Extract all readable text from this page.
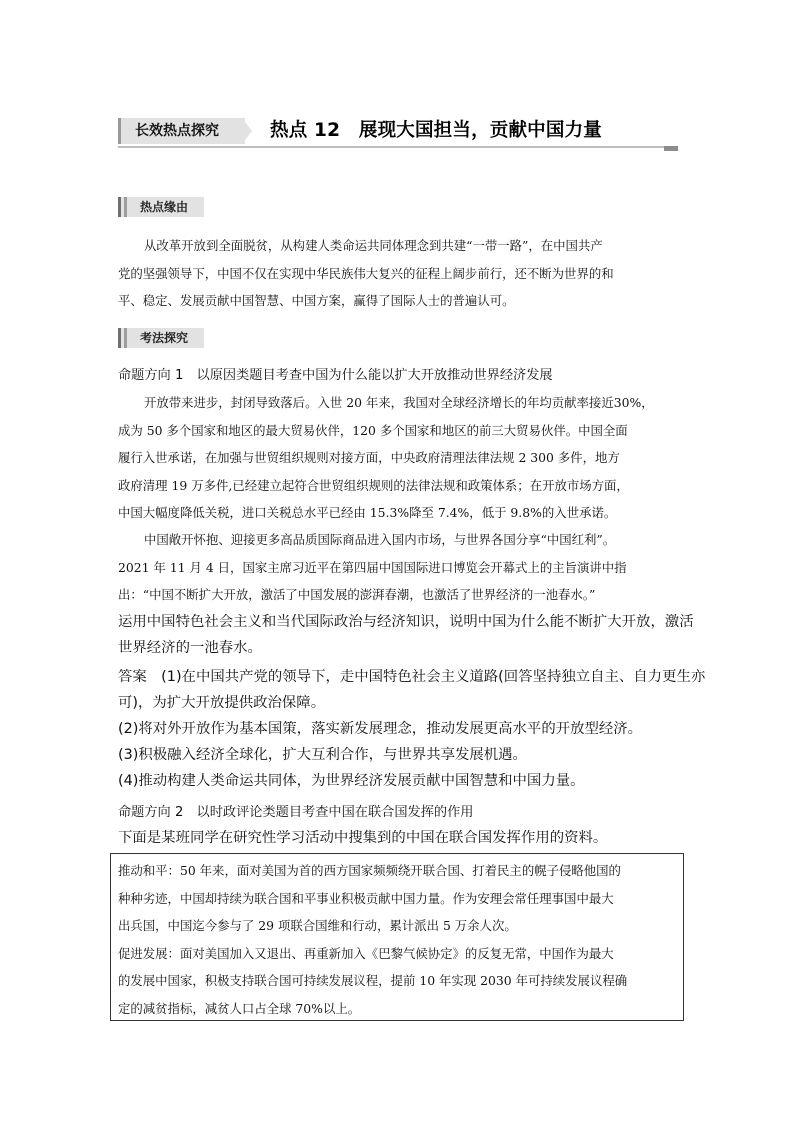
长效热点探究	热点 12　展现大国担当，贡献中国力量
热点缘由
从改革开放到全面脱贫，从构建人类命运共同体理念到共建“一带一路”，在中国共产
党的坚强领导下，中国不仅在实现中华民族伟大复兴的征程上阔步前行，还不断为世界的和
平、稳定、发展贡献中国智慧、中国方案，赢得了国际人士的普遍认可。
考法探究
命题方向 1　以原因类题目考查中国为什么能以扩大开放推动世界经济发展
开放带来进步，封闭导致落后。入世 20 年来，我国对全球经济增长的年均贡献率接近30%，
成为 50 多个国家和地区的最大贸易伙伴，120 多个国家和地区的前三大贸易伙伴。中国全面
履行入世承诺，在加强与世贸组织规则对接方面，中央政府清理法律法规 2 300 多件，地方
政府清理 19 万多件,已经建立起符合世贸组织规则的法律法规和政策体系；在开放市场方面，
中国大幅度降低关税，进口关税总水平已经由 15.3%降至 7.4%，低于 9.8%的入世承诺。
中国敞开怀抱、迎接更多高品质国际商品进入国内市场，与世界各国分享“中国红利”。
2021 年 11 月 4 日，国家主席习近平在第四届中国国际进口博览会开幕式上的主旨演讲中指
出：“中国不断扩大开放，激活了中国发展的澎湃春潮，也激活了世界经济的一池春水。”
运用中国特色社会主义和当代国际政治与经济知识，说明中国为什么能不断扩大开放，激活
世界经济的一池春水。
答案　(1)在中国共产党的领导下，走中国特色社会主义道路(回答坚持独立自主、自力更生亦
可)，为扩大开放提供政治保障。
(2)将对外开放作为基本国策，落实新发展理念，推动发展更高水平的开放型经济。
(3)积极融入经济全球化，扩大互利合作，与世界共享发展机遇。
(4)推动构建人类命运共同体，为世界经济发展贡献中国智慧和中国力量。
命题方向 2　以时政评论类题目考查中国在联合国发挥的作用
下面是某班同学在研究性学习活动中搜集到的中国在联合国发挥作用的资料。
推动和平：50 年来，面对美国为首的西方国家频频绕开联合国、打着民主的幌子侵略他国的
种种劣迹，中国却持续为联合国和平事业积极贡献中国力量。作为安理会常任理事国中最大
出兵国，中国迄今参与了 29 项联合国维和行动，累计派出 5 万余人次。
促进发展：面对美国加入又退出、再重新加入《巴黎气候协定》的反复无常，中国作为最大
的发展中国家，积极支持联合国可持续发展议程，提前 10 年实现 2030 年可持续发展议程确
定的减贫指标，减贫人口占全球 70%以上。
